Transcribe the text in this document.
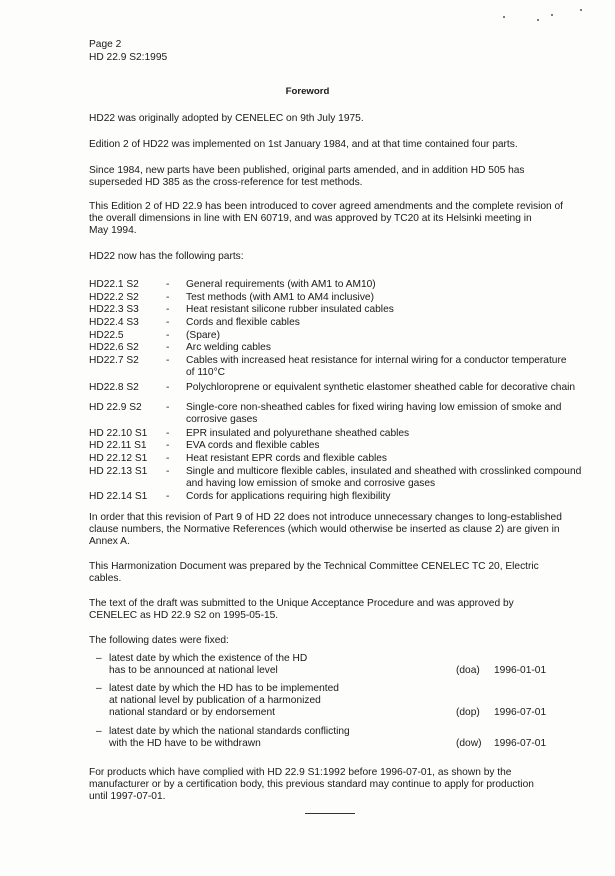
Page 2
HD 22.9 S2:1995
Foreword
HD22 was originally adopted by CENELEC on 9th July 1975.
Edition 2 of HD22 was implemented on 1st January 1984, and at that time contained four parts.
Since 1984, new parts have been published, original parts amended, and in addition HD 505 has
superseded HD 385 as the cross-reference for test methods.
This Edition 2 of HD 22.9 has been introduced to cover agreed amendments and the complete revision of
the overall dimensions in line with EN 60719, and was approved by TC20 at its Helsinki meeting in
May 1994.
HD22 now has the following parts:
HD22.1 S2	- General requirements (with AM1 to AM10)
HD22.2 S2	- Test methods (with AM1 to AM4 inclusive)
HD22.3 S3	- Heat resistant silicone rubber insulated cables
HD22.4 S3	- Cords and flexible cables
HD22.5	- (Spare)
HD22.6 S2	- Arc welding cables
HD22.7 S2	- Cables with increased heat resistance for internal wiring for a conductor temperature
of 110°C
HD22.8 S2	- Polychloroprene or equivalent synthetic elastomer sheathed cable for decorative chain
HD 22.9 S2 - Single-core non-sheathed cables for fixed wiring having low emission of smoke and
corrosive gases
HD 22.10 S1 - EPR insulated and polyurethane sheathed cables
HD 22.11 S1 - EVA cords and flexible cables
HD 22.12 S1 - Heat resistant EPR cords and flexible cables
HD 22.13 S1 - Single and multicore flexible cables, insulated and sheathed with crosslinked compound
and having low emission of smoke and corrosive gases
HD 22.14 S1 - Cords for applications requiring high flexibility
In order that this revision of Part 9 of HD 22 does not introduce unnecessary changes to long-established
clause numbers, the Normative References (which would otherwise be inserted as clause 2) are given in
Annex A.
This Harmonization Document was prepared by the Technical Committee CENELEC TC 20, Electric
cables.
The text of the draft was submitted to the Unique Acceptance Procedure and was approved by
CENELEC as HD 22.9 S2 on 1995-05-15.
The following dates were fixed:
– latest date by which the existence of the HD
has to be announced at national level	(doa) 1996-01-01
– latest date by which the HD has to be implemented
at national level by publication of a harmonized
national standard or by endorsement	(dop) 1996-07-01
– latest date by which the national standards conflicting
with the HD have to be withdrawn	(dow) 1996-07-01
For products which have complied with HD 22.9 S1:1992 before 1996-07-01, as shown by the
manufacturer or by a certification body, this previous standard may continue to apply for production
until 1997-07-01.
